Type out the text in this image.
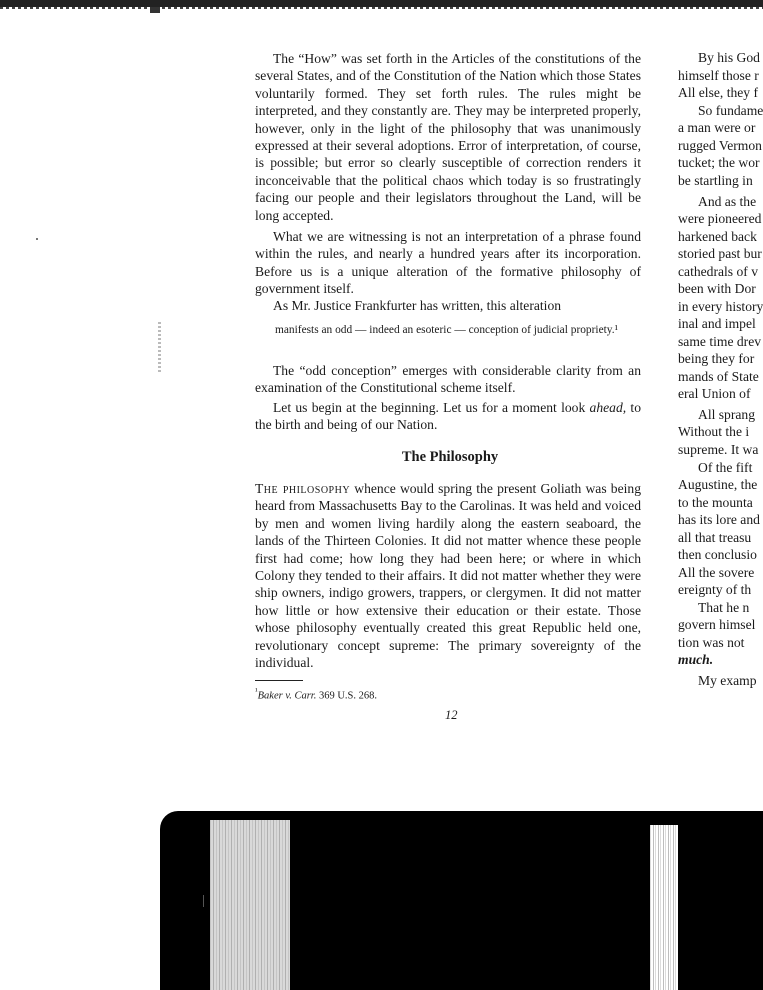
The “How” was set forth in the Articles of the constitutions of the several States, and of the Constitution of the Nation which those States voluntarily formed. They set forth rules. The rules might be interpreted, and they constantly are. They may be interpreted properly, however, only in the light of the philosophy that was unanimously expressed at their several adoptions. Error of interpretation, of course, is possible; but error so clearly susceptible of correction renders it inconceivable that the political chaos which today is so frustratingly facing our people and their legislators throughout the Land, will be long accepted.

What we are witnessing is not an interpretation of a phrase found within the rules, and nearly a hundred years after its incorporation. Before us is a unique alteration of the formative philosophy of government itself.

As Mr. Justice Frankfurter has written, this alteration

manifests an odd — indeed an esoteric — conception of judicial propriety.¹

The “odd conception” emerges with considerable clarity from an examination of the Constitutional scheme itself.

Let us begin at the beginning. Let us for a moment look ahead, to the birth and being of our Nation.

The Philosophy

The philosophy whence would spring the present Goliath was being heard from Massachusetts Bay to the Carolinas. It was held and voiced by men and women living hardily along the eastern seaboard, the lands of the Thirteen Colonies. It did not matter whence these people first had come; how long they had been here; or where in which Colony they tended to their affairs. It did not matter whether they were ship owners, indigo growers, trappers, or clergymen. It did not matter how little or how extensive their education or their estate. Those whose philosophy eventually created this great Republic held one, revolutionary concept supreme: The primary sovereignty of the individual.

$^{^1}$Baker v. Carr. 369 U.S. 268.

12

By his God

himself those r

All else, they f

So fundame

a man were or

rugged Vermon

tucket; the wor

be startling in

And as the

were pioneered

harkened back

storied past bur

cathedrals of v

been with Dor

in every history

inal and impel

same time drev

being they for

mands of State

eral Union of

All sprang

Without the i

supreme. It wa

Of the fift

Augustine, the

to the mounta

has its lore and

all that treasu

then conclusio

All the sovere

ereignty of th

That he n

govern himsel

tion was not

much.

My examp
